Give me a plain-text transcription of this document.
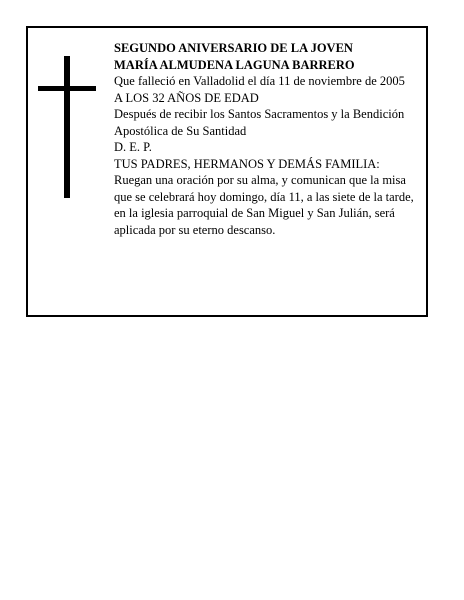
SEGUNDO ANIVERSARIO DE LA JOVEN

MARÍA ALMUDENA LAGUNA BARRERO

Que falleció en Valladolid el día 11 de noviembre de 2005

A LOS 32 AÑOS DE EDAD

Después de recibir los Santos Sacramentos y la Bendición Apostólica de Su Santidad

D. E. P.

TUS PADRES, HERMANOS Y DEMÁS FAMILIA:

Ruegan una oración por su alma, y comunican que la misa que se celebrará hoy domingo, día 11, a las siete de la tarde, en la iglesia parroquial de San Miguel y San Julián, será aplicada por su eterno descanso.
